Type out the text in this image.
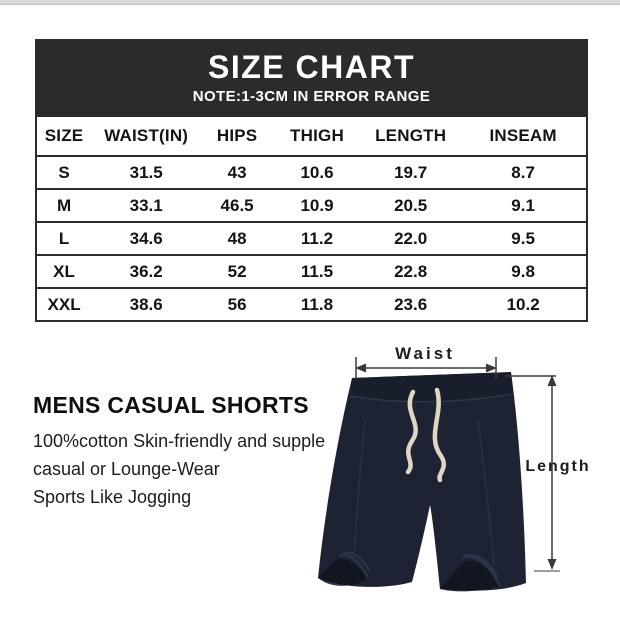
SIZE CHART
NOTE:1-3CM IN ERROR RANGE
SIZE	WAIST(IN)	HIPS	THIGH	LENGTH	INSEAM
S	31.5	43	10.6	19.7	8.7
M	33.1	46.5	10.9	20.5	9.1
L	34.6	48	11.2	22.0	9.5
XL	36.2	52	11.5	22.8	9.8
XXL	38.6	56	11.8	23.6	10.2
MENS CASUAL SHORTS
100%cotton Skin-friendly and supple
casual or Lounge-Wear
Sports Like Jogging
Waist
Length
